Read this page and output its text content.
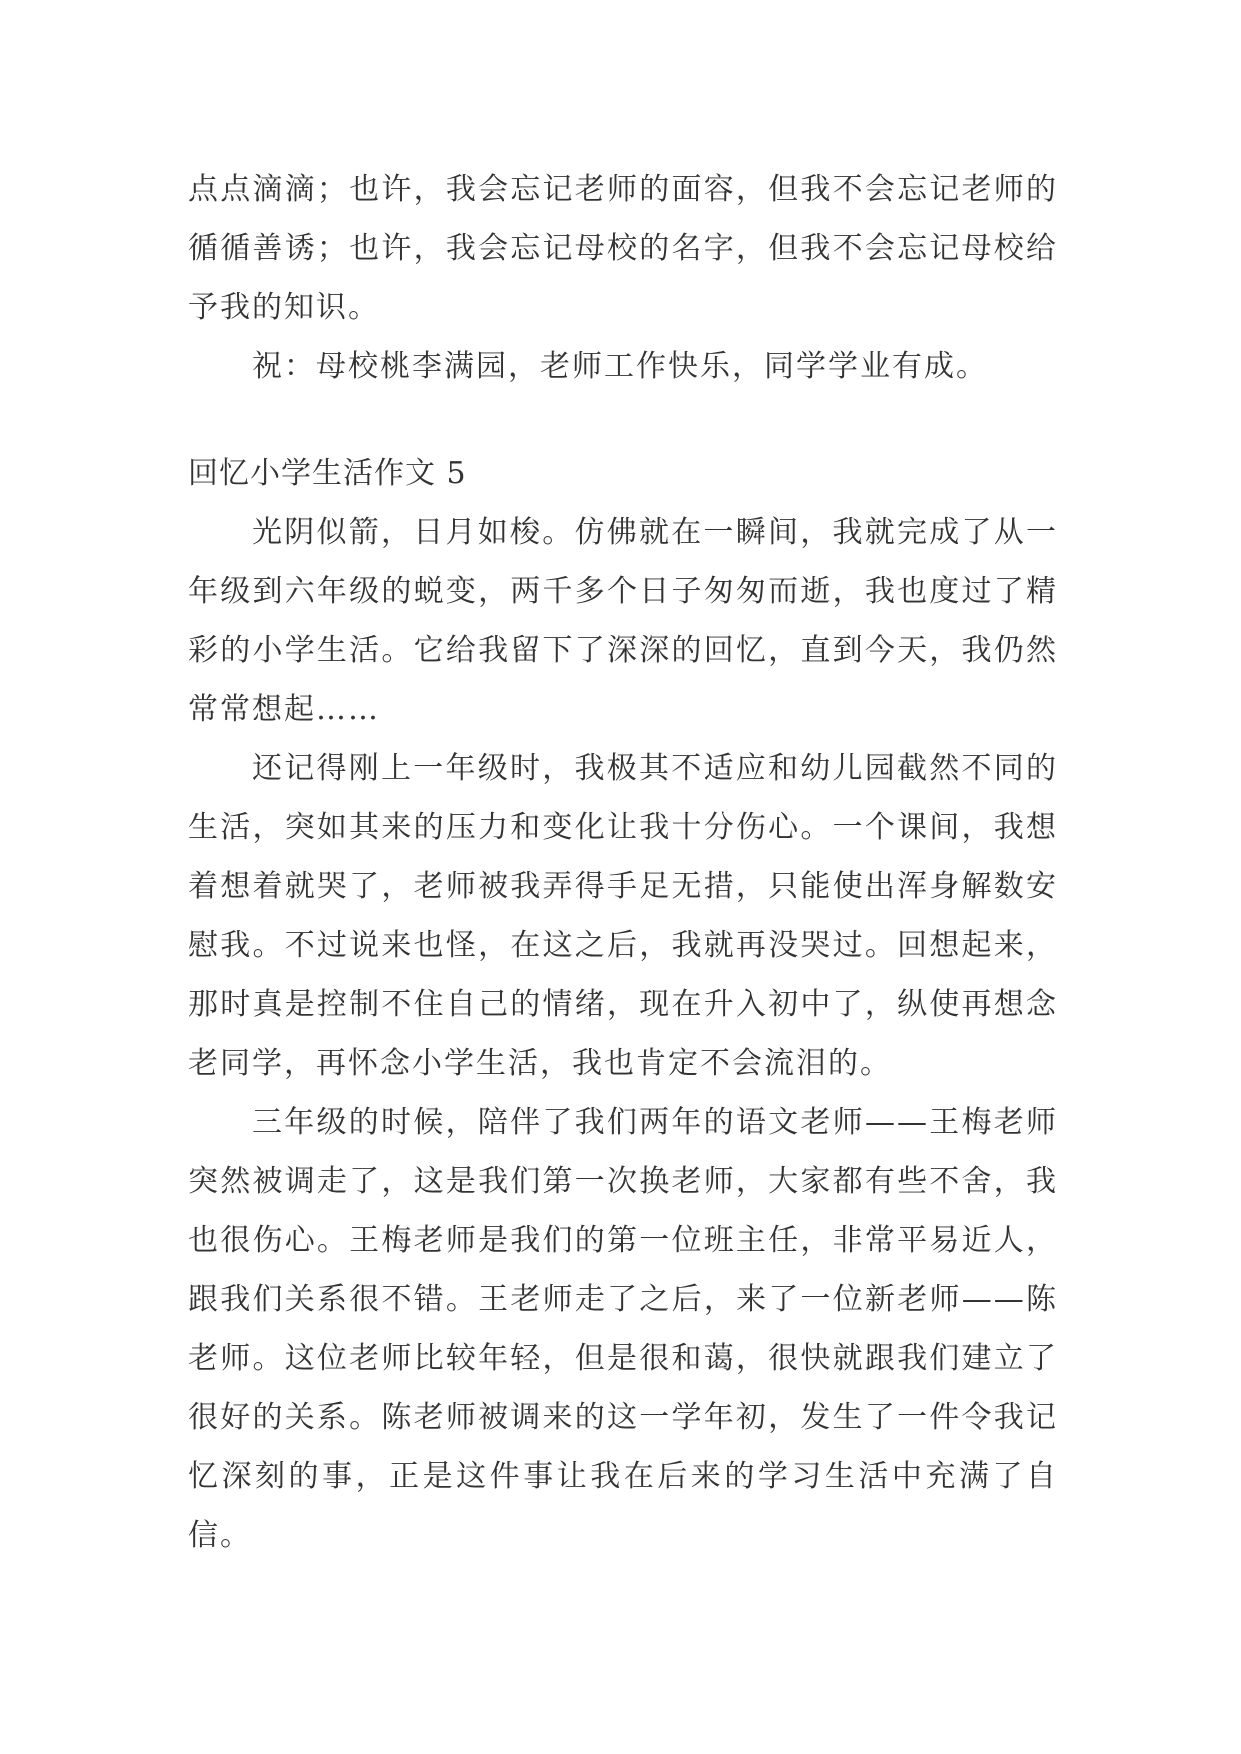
点点滴滴；也许，我会忘记老师的面容，但我不会忘记老师的循循善诱；也许，我会忘记母校的名字，但我不会忘记母校给予我的知识。

祝：母校桃李满园，老师工作快乐，同学学业有成。

回忆小学生活作文 5

光阴似箭，日月如梭。仿佛就在一瞬间，我就完成了从一年级到六年级的蜕变，两千多个日子匆匆而逝，我也度过了精彩的小学生活。它给我留下了深深的回忆，直到今天，我仍然常常想起……

还记得刚上一年级时，我极其不适应和幼儿园截然不同的生活，突如其来的压力和变化让我十分伤心。一个课间，我想着想着就哭了，老师被我弄得手足无措，只能使出浑身解数安慰我。不过说来也怪，在这之后，我就再没哭过。回想起来，那时真是控制不住自己的情绪，现在升入初中了，纵使再想念老同学，再怀念小学生活，我也肯定不会流泪的。

三年级的时候，陪伴了我们两年的语文老师——王梅老师突然被调走了，这是我们第一次换老师，大家都有些不舍，我也很伤心。王梅老师是我们的第一位班主任，非常平易近人，跟我们关系很不错。王老师走了之后，来了一位新老师——陈老师。这位老师比较年轻，但是很和蔼，很快就跟我们建立了很好的关系。陈老师被调来的这一学年初，发生了一件令我记忆深刻的事，正是这件事让我在后来的学习生活中充满了自信。
